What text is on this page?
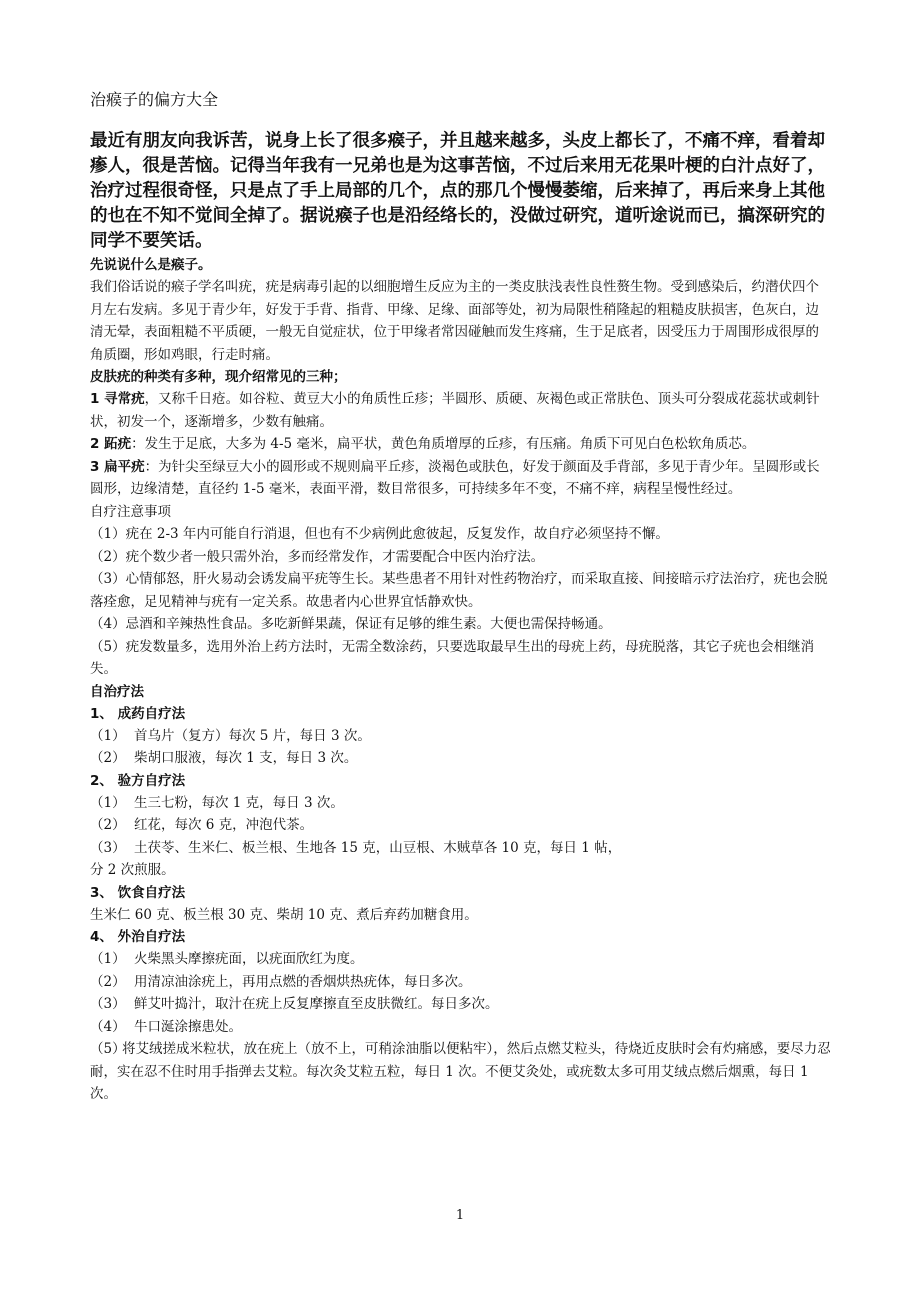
治瘊子的偏方大全

最近有朋友向我诉苦，说身上长了很多瘊子，并且越来越多，头皮上都长了，不痛不痒，看着却瘆人，很是苦恼。记得当年我有一兄弟也是为这事苦恼，不过后来用无花果叶梗的白汁点好了，治疗过程很奇怪，只是点了手上局部的几个，点的那几个慢慢萎缩，后来掉了，再后来身上其他的也在不知不觉间全掉了。据说瘊子也是沿经络长的，没做过研究，道听途说而已，搞深研究的同学不要笑话。

先说说什么是瘊子。

我们俗话说的瘊子学名叫疣，疣是病毒引起的以细胞增生反应为主的一类皮肤浅表性良性赘生物。受到感染后，约潜伏四个月左右发病。多见于青少年，好发于手背、指背、甲缘、足缘、面部等处，初为局限性稍隆起的粗糙皮肤损害，色灰白，边清无晕，表面粗糙不平质硬，一般无自觉症状，位于甲缘者常因碰触而发生疼痛，生于足底者，因受压力于周围形成很厚的角质圈，形如鸡眼，行走时痛。

皮肤疣的种类有多种，现介绍常见的三种；

1 寻常疣，又称千日疮。如谷粒、黄豆大小的角质性丘疹；半圆形、质硬、灰褐色或正常肤色、顶头可分裂成花蕊状或刺针状，初发一个，逐渐增多，少数有触痛。

2 跖疣：发生于足底，大多为 4-5 毫米，扁平状，黄色角质增厚的丘疹，有压痛。角质下可见白色松软角质芯。

3 扁平疣：为针尖至绿豆大小的圆形或不规则扁平丘疹，淡褐色或肤色，好发于颜面及手背部，多见于青少年。呈圆形或长圆形，边缘清楚，直径约 1-5 毫米，表面平滑，数目常很多，可持续多年不变，不痛不痒，病程呈慢性经过。

自疗注意事项

（1）疣在 2-3 年内可能自行消退，但也有不少病例此愈彼起，反复发作，故自疗必须坚持不懈。

（2）疣个数少者一般只需外治，多而经常发作，才需要配合中医内治疗法。

（3）心情郁怒，肝火易动会诱发扁平疣等生长。某些患者不用针对性药物治疗，而采取直接、间接暗示疗法治疗，疣也会脱落痊愈，足见精神与疣有一定关系。故患者内心世界宜恬静欢快。

（4）忌酒和辛辣热性食品。多吃新鲜果蔬，保证有足够的维生素。大便也需保持畅通。

（5）疣发数量多，选用外治上药方法时，无需全数涂药，只要选取最早生出的母疣上药，母疣脱落，其它子疣也会相继消失。

自治疗法

1、 成药自疗法

（1） 首乌片（复方）每次 5 片，每日 3 次。

（2） 柴胡口服液，每次 1 支，每日 3 次。

2、 验方自疗法

（1） 生三七粉，每次 1 克，每日 3 次。

（2） 红花，每次 6 克，冲泡代茶。

（3） 土茯苓、生米仁、板兰根、生地各 15 克，山豆根、木贼草各 10 克，每日 1 帖，

分 2 次煎服。

3、 饮食自疗法

生米仁 60 克、板兰根 30 克、柴胡 10 克、煮后弃药加糖食用。

4、 外治自疗法

（1） 火柴黑头摩擦疣面，以疣面欣红为度。

（2） 用清凉油涂疣上，再用点燃的香烟烘热疣体，每日多次。

（3） 鲜艾叶捣汁，取汁在疣上反复摩擦直至皮肤微红。每日多次。

（4） 牛口涎涂擦患处。

（5）将艾绒搓成米粒状，放在疣上（放不上，可稍涂油脂以便粘牢），然后点燃艾粒头，待烧近皮肤时会有灼痛感，要尽力忍耐，实在忍不住时用手指弹去艾粒。每次灸艾粒五粒，每日 1 次。不便艾灸处，或疣数太多可用艾绒点燃后烟熏，每日 1 次。

1
